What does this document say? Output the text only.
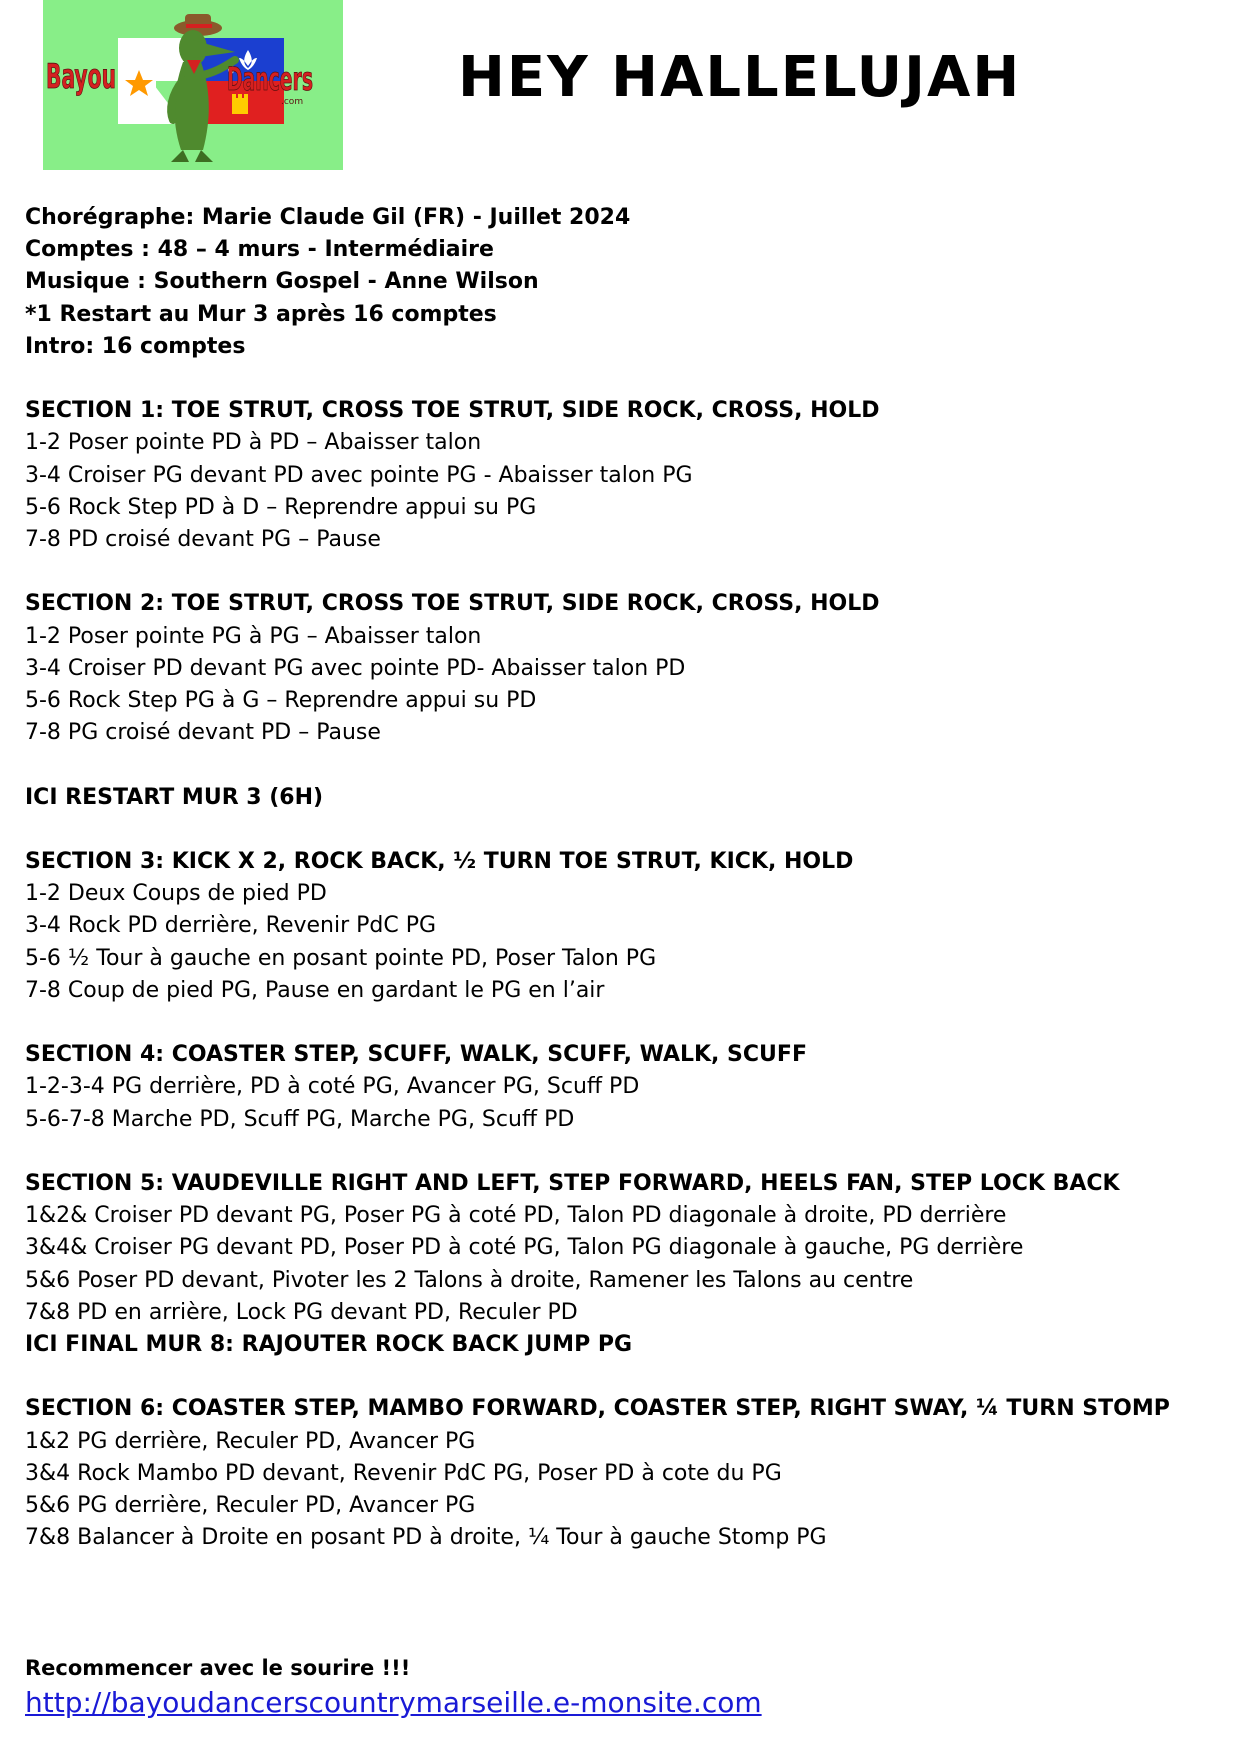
Bayou	Dancers
.com	HEY HALLELUJAH
Chorégraphe: Marie Claude Gil (FR) - Juillet 2024
Comptes : 48 – 4 murs - Intermédiaire
Musique : Southern Gospel - Anne Wilson
*1 Restart au Mur 3 après 16 comptes
Intro: 16 comptes
SECTION 1: TOE STRUT, CROSS TOE STRUT, SIDE ROCK, CROSS, HOLD
1-2 Poser pointe PD à PD – Abaisser talon
3-4 Croiser PG devant PD avec pointe PG - Abaisser talon PG
5-6 Rock Step PD à D – Reprendre appui su PG
7-8 PD croisé devant PG – Pause
SECTION 2: TOE STRUT, CROSS TOE STRUT, SIDE ROCK, CROSS, HOLD
1-2 Poser pointe PG à PG – Abaisser talon
3-4 Croiser PD devant PG avec pointe PD- Abaisser talon PD
5-6 Rock Step PG à G – Reprendre appui su PD
7-8 PG croisé devant PD – Pause
ICI RESTART MUR 3 (6H)
SECTION 3: KICK X 2, ROCK BACK, ½ TURN TOE STRUT, KICK, HOLD
1-2 Deux Coups de pied PD
3-4 Rock PD derrière, Revenir PdC PG
5-6 ½ Tour à gauche en posant pointe PD, Poser Talon PG
7-8 Coup de pied PG, Pause en gardant le PG en l’air
SECTION 4: COASTER STEP, SCUFF, WALK, SCUFF, WALK, SCUFF
1-2-3-4 PG derrière, PD à coté PG, Avancer PG, Scuff PD
5-6-7-8 Marche PD, Scuff PG, Marche PG, Scuff PD
SECTION 5: VAUDEVILLE RIGHT AND LEFT, STEP FORWARD, HEELS FAN, STEP LOCK BACK
1&2& Croiser PD devant PG, Poser PG à coté PD, Talon PD diagonale à droite, PD derrière
3&4& Croiser PG devant PD, Poser PD à coté PG, Talon PG diagonale à gauche, PG derrière
5&6 Poser PD devant, Pivoter les 2 Talons à droite, Ramener les Talons au centre
7&8 PD en arrière, Lock PG devant PD, Reculer PD
ICI FINAL MUR 8: RAJOUTER ROCK BACK JUMP PG
SECTION 6: COASTER STEP, MAMBO FORWARD, COASTER STEP, RIGHT SWAY, ¼ TURN STOMP
1&2 PG derrière, Reculer PD, Avancer PG
3&4 Rock Mambo PD devant, Revenir PdC PG, Poser PD à cote du PG
5&6 PG derrière, Reculer PD, Avancer PG
7&8 Balancer à Droite en posant PD à droite, ¼ Tour à gauche Stomp PG
Recommencer avec le sourire !!!
http://bayoudancerscountrymarseille.e-monsite.com
